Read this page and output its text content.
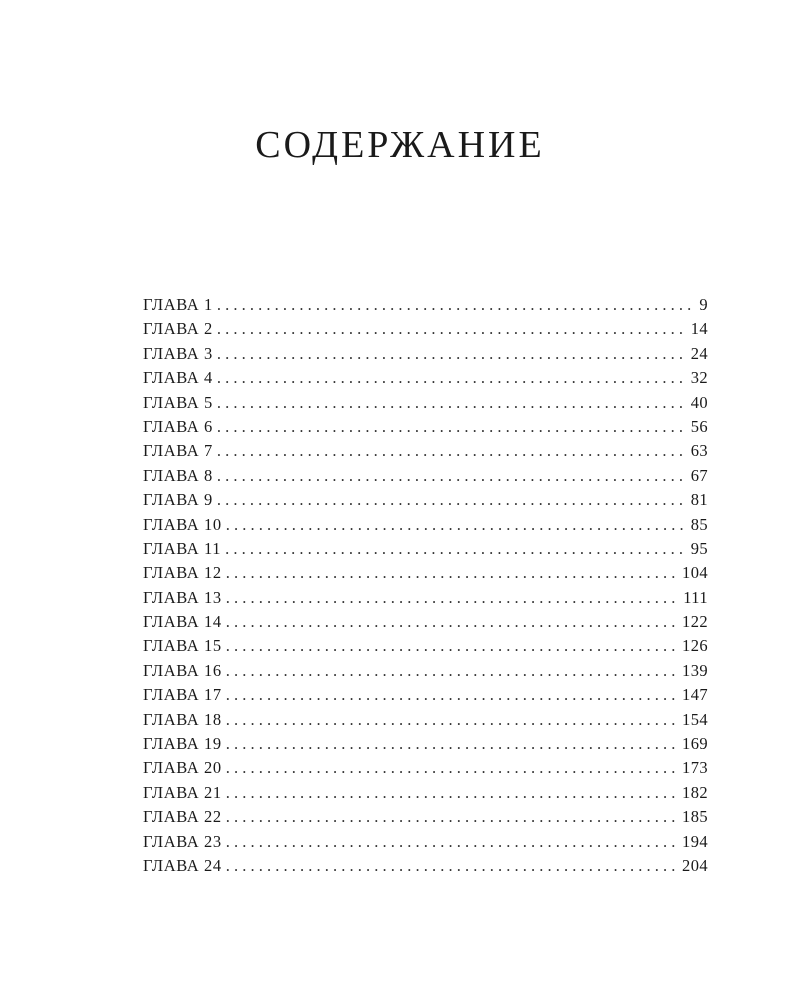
СОДЕРЖАНИЕ
ГЛАВА 1 . . .	9
ГЛАВА 2 . . .	14
ГЛАВА 3 . . .	24
ГЛАВА 4 . . .	32
ГЛАВА 5 . . .	40
ГЛАВА 6 . . .	56
ГЛАВА 7 . . .	63
ГЛАВА 8 . . .	67
ГЛАВА 9 . . .	81
ГЛАВА 10 . . .	85
ГЛАВА 11 . . .	95
ГЛАВА 12 . . .	104
ГЛАВА 13 . . .	111
ГЛАВА 14 . . .	122
ГЛАВА 15 . . .	126
ГЛАВА 16 . . .	139
ГЛАВА 17 . . .	147
ГЛАВА 18 . . .	154
ГЛАВА 19 . . .	169
ГЛАВА 20 . . .	173
ГЛАВА 21 . . .	182
ГЛАВА 22 . . .	185
ГЛАВА 23 . . .	194
ГЛАВА 24 . . .	204
